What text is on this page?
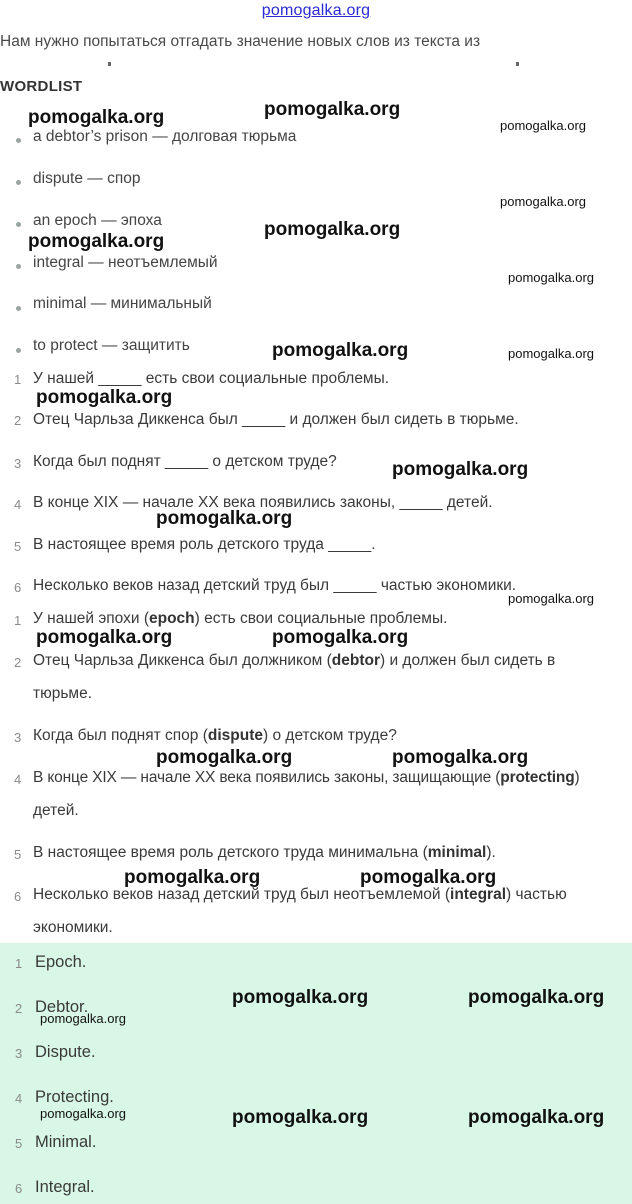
pomogalka.org
Нам нужно попытаться отгадать значение новых слов из текста из
WORDLIST
a debtor’s prison — долговая тюрьма
dispute — спор
an epoch — эпоха
integral — неотъемлемый
minimal — минимальный
to protect — защитить
1 У нашей _____ есть свои социальные проблемы.
2 Отец Чарльза Диккенса был _____ и должен был сидеть в тюрьме.
3 Когда был поднят _____ о детском труде?
4 В конце XIX — начале XX века появились законы, _____ детей.
5 В настоящее время роль детского труда _____.
6 Несколько веков назад детский труд был _____ частью экономики.
1 У нашей эпохи (epoch) есть свои социальные проблемы.
2 Отец Чарльза Диккенса был должником (debtor) и должен был сидеть в
тюрьме.
3 Когда был поднят спор (dispute) о детском труде?
4 В конце XIX — начале XX века появились законы, защищающие (protecting)
детей.
5 В настоящее время роль детского труда минимальна (minimal).
6 Несколько веков назад детский труд был неотъемлемой (integral) частью
экономики.
1 Epoch.
2 Debtor.
3 Dispute.
4 Protecting.
5 Minimal.
6 Integral.
pomogalka.org	pomogalka.org
pomogalka.org
pomogalka.org
pomogalka.org
pomogalka.org
pomogalka.org
pomogalka.org
pomogalka.org
pomogalka.org
pomogalka.org
pomogalka.org
pomogalka.org
pomogalka.org	pomogalka.org
pomogalka.org	pomogalka.org
pomogalka.org	pomogalka.org
pomogalka.org	pomogalka.org
pomogalka.org
pomogalka.org	pomogalka.org	pomogalka.org
